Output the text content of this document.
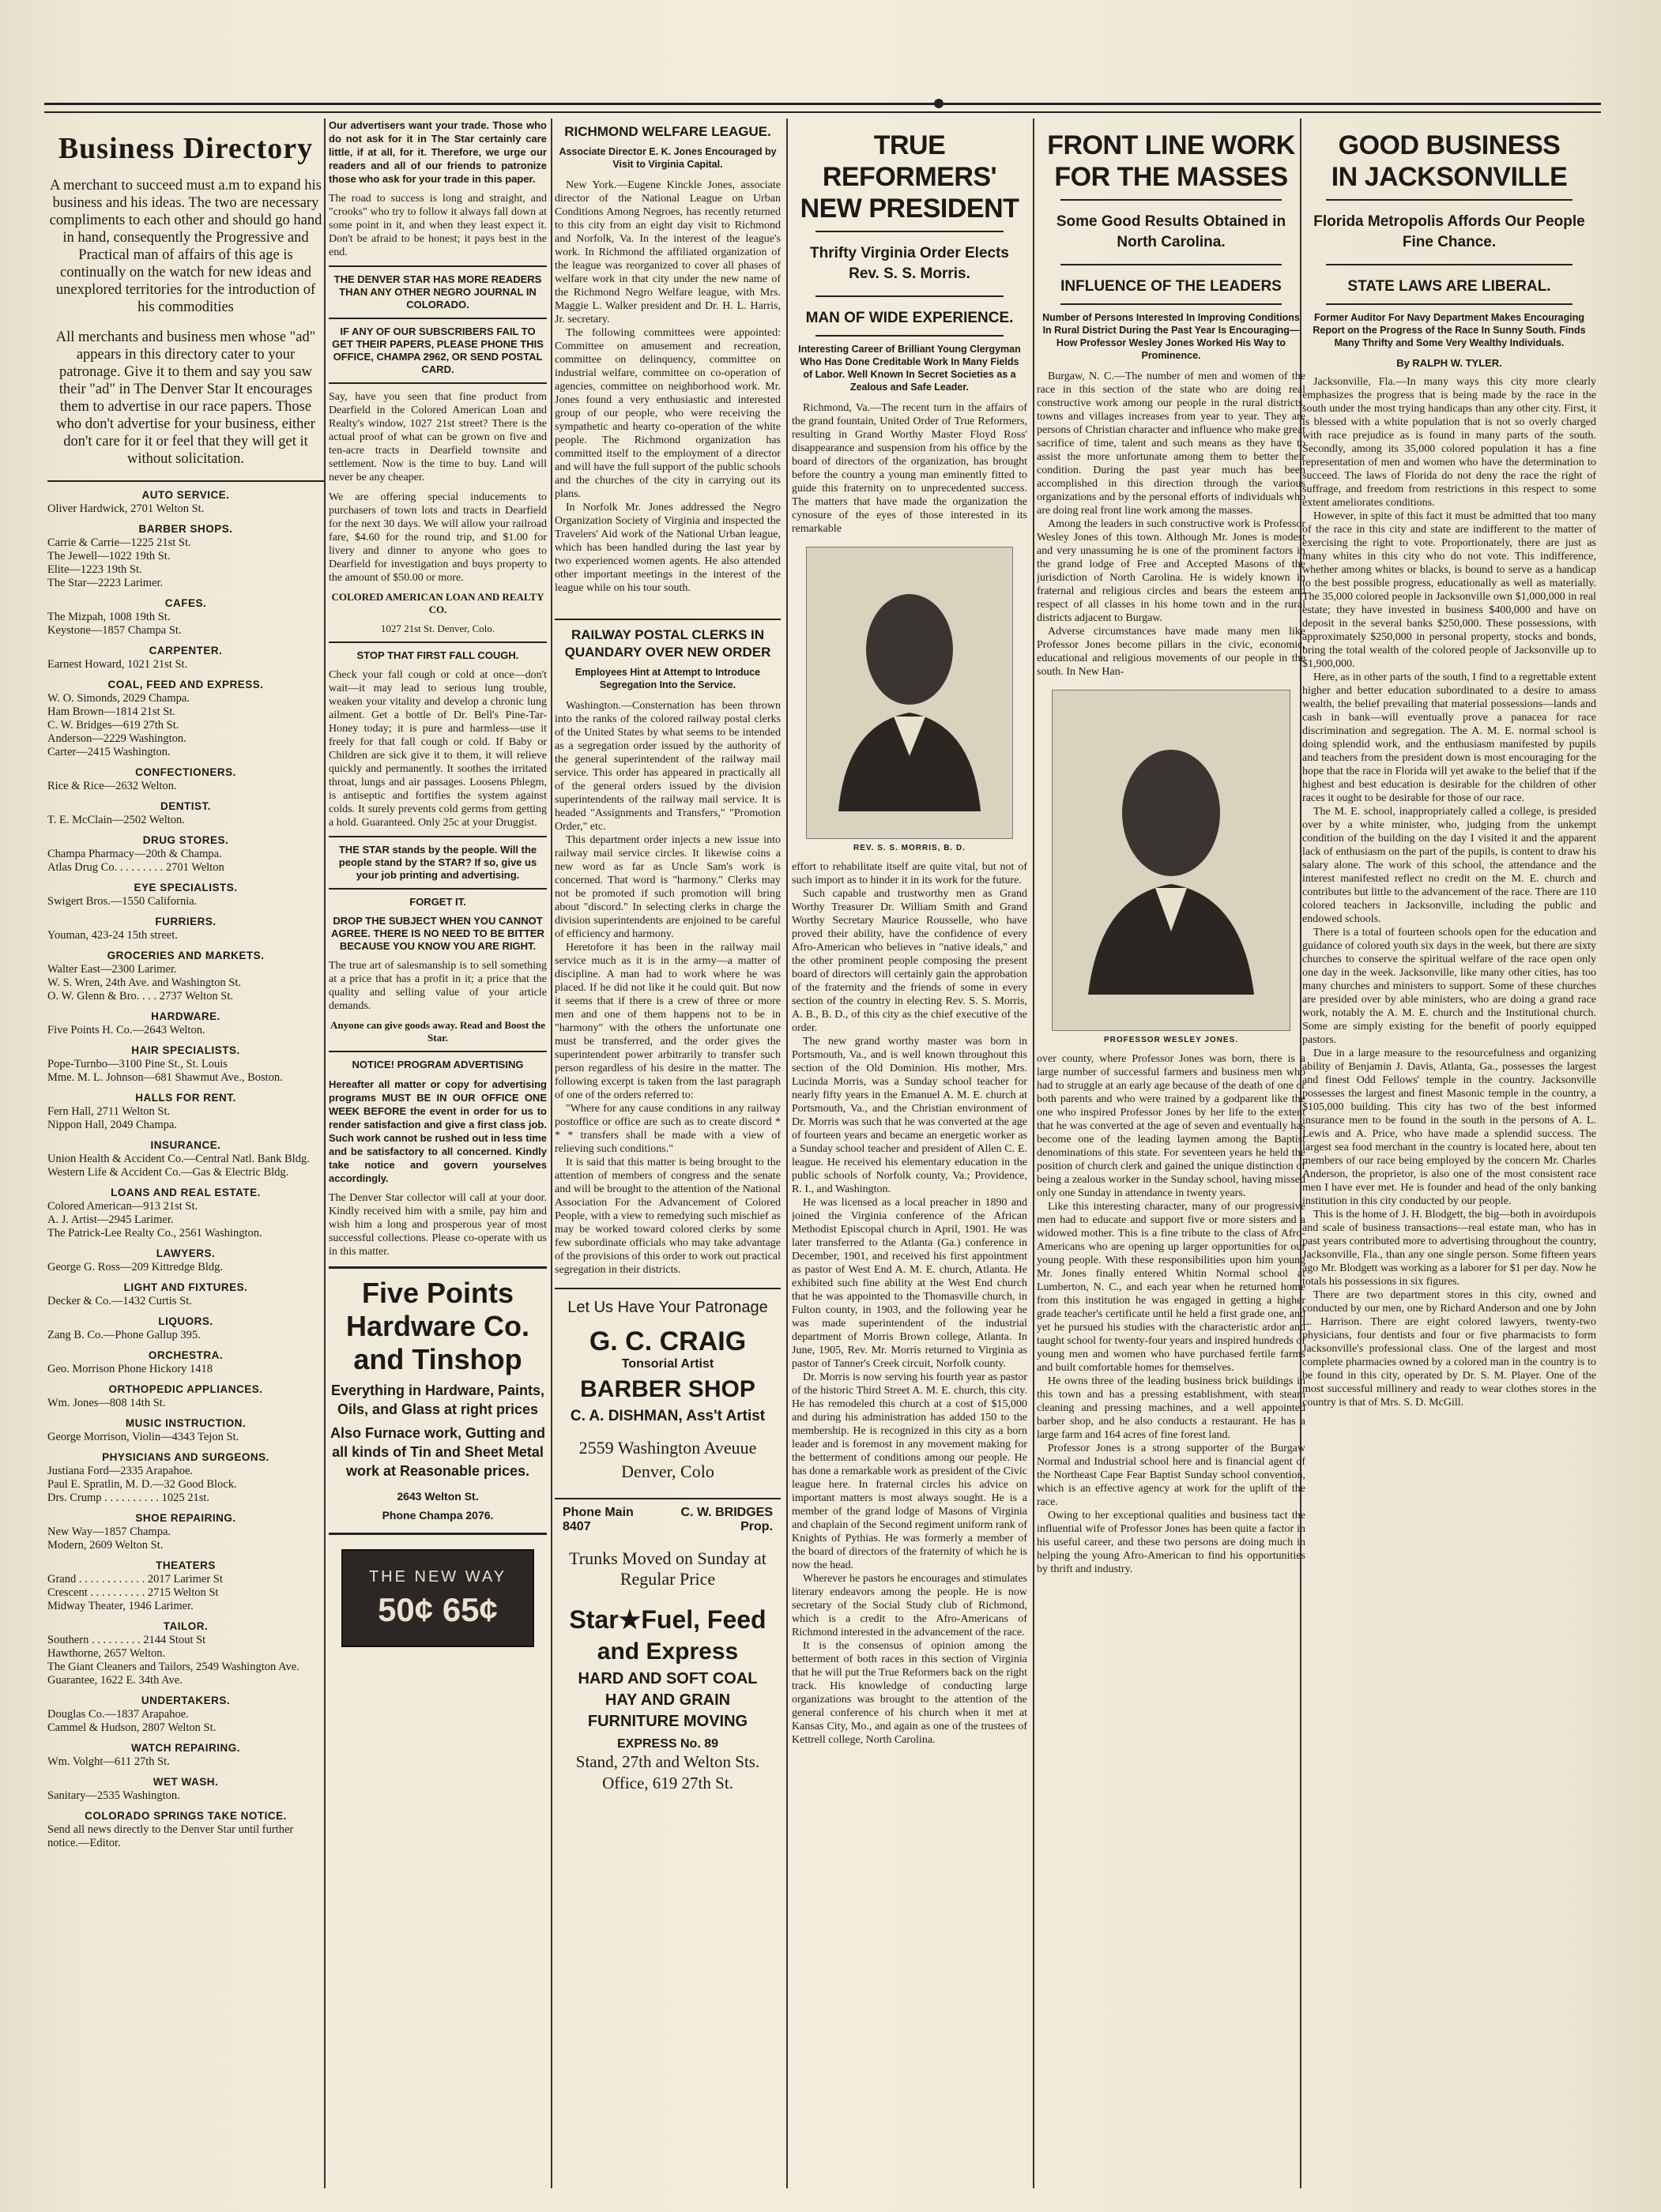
Business Directory

A merchant to succeed must a.m to expand his business and his ideas. The two are necessary compliments to each other and should go hand in hand, consequently the Progressive and Practical man of affairs of this age is continually on the watch for new ideas and unexplored territories for the introduction of his commodities

All merchants and business men whose "ad" appears in this directory cater to your patronage. Give it to them and say you saw their "ad" in The Denver Star It encourages them to advertise in our race papers. Those who don't advertise for your business, either don't care for it or feel that they will get it without solicitation.

AUTO SERVICE.

Oliver Hardwick, 2701 Welton St.

BARBER SHOPS.

Carrie & Carrie—1225 21st St.

The Jewell—1022 19th St.

Elite—1223 19th St.

The Star—2223 Larimer.

CAFES.

The Mizpah, 1008 19th St.

Keystone—1857 Champa St.

CARPENTER.

Earnest Howard, 1021 21st St.

COAL, FEED AND EXPRESS.

W. O. Simonds, 2029 Champa.

Ham Brown—1814 21st St.

C. W. Bridges—619 27th St.

Anderson—2229 Washington.

Carter—2415 Washington.

CONFECTIONERS.

Rice & Rice—2632 Welton.

DENTIST.

T. E. McClain—2502 Welton.

DRUG STORES.

Champa Pharmacy—20th & Champa.

Atlas Drug Co. . . . . . . . . 2701 Welton

EYE SPECIALISTS.

Swigert Bros.—1550 California.

FURRIERS.

Youman, 423-24 15th street.

GROCERIES AND MARKETS.

Walter East—2300 Larimer.

W. S. Wren, 24th Ave. and Washington St.

O. W. Glenn & Bro. . . . 2737 Welton St.

HARDWARE.

Five Points H. Co.—2643 Welton.

HAIR SPECIALISTS.

Pope-Turnbo—3100 Pine St., St. Louis

Mme. M. L. Johnson—681 Shawmut Ave., Boston.

HALLS FOR RENT.

Fern Hall, 2711 Welton St.

Nippon Hall, 2049 Champa.

INSURANCE.

Union Health & Accident Co.—Central Natl. Bank Bldg.

Western Life & Accident Co.—Gas & Electric Bldg.

LOANS AND REAL ESTATE.

Colored American—913 21st St.

A. J. Artist—2945 Larimer.

The Patrick-Lee Realty Co., 2561 Washington.

LAWYERS.

George G. Ross—209 Kittredge Bldg.

LIGHT AND FIXTURES.

Decker & Co.—1432 Curtis St.

LIQUORS.

Zang B. Co.—Phone Gallup 395.

ORCHESTRA.

Geo. Morrison Phone Hickory 1418

ORTHOPEDIC APPLIANCES.

Wm. Jones—808 14th St.

MUSIC INSTRUCTION.

George Morrison, Violin—4343 Tejon St.

PHYSICIANS AND SURGEONS.

Justiana Ford—2335 Arapahoe.

Paul E. Spratlin, M. D.—32 Good Block.

Drs. Crump . . . . . . . . . . 1025 21st.

SHOE REPAIRING.

New Way—1857 Champa.

Modern, 2609 Welton St.

THEATERS

Grand . . . . . . . . . . . . 2017 Larimer St

Crescent . . . . . . . . . . 2715 Welton St

Midway Theater, 1946 Larimer.

TAILOR.

Southern . . . . . . . . . 2144 Stout St

Hawthorne, 2657 Welton.

The Giant Cleaners and Tailors, 2549 Washington Ave.

Guarantee, 1622 E. 34th Ave.

UNDERTAKERS.

Douglas Co.—1837 Arapahoe.

Cammel & Hudson, 2807 Welton St.

WATCH REPAIRING.

Wm. Volght—611 27th St.

WET WASH.

Sanitary—2535 Washington.

COLORADO SPRINGS TAKE NOTICE.

Send all news directly to the Denver Star until further notice.—Editor.

Our advertisers want your trade. Those who do not ask for it in The Star certainly care little, if at all, for it. Therefore, we urge our readers and all of our friends to patronize those who ask for your trade in this paper.

The road to success is long and straight, and "crooks" who try to follow it always fall down at some point in it, and when they least expect it. Don't be afraid to be honest; it pays best in the end.

THE DENVER STAR HAS MORE READERS THAN ANY OTHER NEGRO JOURNAL IN COLORADO.

IF ANY OF OUR SUBSCRIBERS FAIL TO GET THEIR PAPERS, PLEASE PHONE THIS OFFICE, CHAMPA 2962, OR SEND POSTAL CARD.

Say, have you seen that fine product from Dearfield in the Colored American Loan and Realty's window, 1027 21st street? There is the actual proof of what can be grown on five and ten-acre tracts in Dearfield townsite and settlement. Now is the time to buy. Land will never be any cheaper.

We are offering special inducements to purchasers of town lots and tracts in Dearfield for the next 30 days. We will allow your railroad fare, $4.60 for the round trip, and $1.00 for livery and dinner to anyone who goes to Dearfield for investigation and buys property to the amount of $50.00 or more.

COLORED AMERICAN LOAN AND REALTY CO.

1027 21st St. Denver, Colo.

STOP THAT FIRST FALL COUGH.

Check your fall cough or cold at once—don't wait—it may lead to serious lung trouble, weaken your vitality and develop a chronic lung ailment. Get a bottle of Dr. Bell's Pine-Tar-Honey today; it is pure and harmless—use it freely for that fall cough or cold. If Baby or Children are sick give it to them, it will relieve quickly and permanently. It soothes the irritated throat, lungs and air passages. Loosens Phlegm, is antiseptic and fortifies the system against colds. It surely prevents cold germs from getting a hold. Guaranteed. Only 25c at your Druggist.

THE STAR stands by the people. Will the people stand by the STAR? If so, give us your job printing and advertising.

FORGET IT.

DROP THE SUBJECT WHEN YOU CANNOT AGREE. THERE IS NO NEED TO BE BITTER BECAUSE YOU KNOW YOU ARE RIGHT.

The true art of salesmanship is to sell something at a price that has a profit in it; a price that the quality and selling value of your article demands.

Anyone can give goods away. Read and Boost the Star.

NOTICE! PROGRAM ADVERTISING

Hereafter all matter or copy for advertising programs MUST BE IN OUR OFFICE ONE WEEK BEFORE the event in order for us to render satisfaction and give a first class job. Such work cannot be rushed out in less time and be satisfactory to all concerned. Kindly take notice and govern yourselves accordingly.

The Denver Star collector will call at your door. Kindly received him with a smile, pay him and wish him a long and prosperous year of most successful collections. Please co-operate with us in this matter.

Five Points
Hardware Co.
and Tinshop
Everything in Hardware, Paints, Oils, and Glass at right prices
Also Furnace work, Gutting and all kinds of Tin and Sheet Metal work at Reasonable prices.
2643 Welton St.
Phone Champa 2076.
THE NEW WAY
50¢ 65¢
RICHMOND WELFARE LEAGUE.
Associate Director E. K. Jones Encouraged by Visit to Virginia Capital.

New York.—Eugene Kinckle Jones, associate director of the National League on Urban Conditions Among Negroes, has recently returned to this city from an eight day visit to Richmond and Norfolk, Va. In the interest of the league's work. In Richmond the affiliated organization of the league was reorganized to cover all phases of welfare work in that city under the new name of the Richmond Negro Welfare league, with Mrs. Maggie L. Walker president and Dr. H. L. Harris, Jr. secretary.

The following committees were appointed: Committee on amusement and recreation, committee on delinquency, committee on industrial welfare, committee on co-operation of agencies, committee on neighborhood work. Mr. Jones found a very enthusiastic and interested group of our people, who were receiving the sympathetic and hearty co-operation of the white people. The Richmond organization has committed itself to the employment of a director and will have the full support of the public schools and the churches of the city in carrying out its plans.

In Norfolk Mr. Jones addressed the Negro Organization Society of Virginia and inspected the Travelers' Aid work of the National Urban league, which has been handled during the last year by two experienced women agents. He also attended other important meetings in the interest of the league while on his tour south.

RAILWAY POSTAL CLERKS IN QUANDARY OVER NEW ORDER
Employees Hint at Attempt to Introduce Segregation Into the Service.

Washington.—Consternation has been thrown into the ranks of the colored railway postal clerks of the United States by what seems to be intended as a segregation order issued by the authority of the general superintendent of the railway mail service. This order has appeared in practically all of the general orders issued by the division superintendents of the railway mail service. It is headed "Assignments and Transfers," "Promotion Order," etc.

This department order injects a new issue into railway mail service circles. It likewise coins a new word as far as Uncle Sam's work is concerned. That word is "harmony." Clerks may not be promoted if such promotion will bring about "discord." In selecting clerks in charge the division superintendents are enjoined to be careful of efficiency and harmony.

Heretofore it has been in the railway mail service much as it is in the army—a matter of discipline. A man had to work where he was placed. If he did not like it he could quit. But now it seems that if there is a crew of three or more men and one of them happens not to be in "harmony" with the others the unfortunate one must be transferred, and the order gives the superintendent power arbitrarily to transfer such person regardless of his desire in the matter. The following excerpt is taken from the last paragraph of one of the orders referred to:

"Where for any cause conditions in any railway postoffice or office are such as to create discord * * * transfers shall be made with a view of relieving such conditions."

It is said that this matter is being brought to the attention of members of congress and the senate and will be brought to the attention of the National Association For the Advancement of Colored People, with a view to remedying such mischief as may be worked toward colored clerks by some few subordinate officials who may take advantage of the provisions of this order to work out practical segregation in their districts.

Let Us Have Your Patronage
G. C. CRAIG
Tonsorial Artist
BARBER SHOP
C. A. DISHMAN, Ass't Artist
2559 Washington Aveuue
Denver, Colo
Phone Main
8407
C. W. BRIDGES
Prop.
Trunks Moved on Sunday at Regular Price
Star★Fuel, Feed
and Express
HARD AND SOFT COAL
HAY AND GRAIN
FURNITURE MOVING
EXPRESS No. 89
Stand, 27th and Welton Sts.
Office, 619 27th St.
TRUE REFORMERS'
NEW PRESIDENT
Thrifty Virginia Order Elects Rev. S. S. Morris.
MAN OF WIDE EXPERIENCE.
Interesting Career of Brilliant Young Clergyman Who Has Done Creditable Work In Many Fields of Labor. Well Known In Secret Societies as a Zealous and Safe Leader.

Richmond, Va.—The recent turn in the affairs of the grand fountain, United Order of True Reformers, resulting in Grand Worthy Master Floyd Ross' disappearance and suspension from his office by the board of directors of the organization, has brought before the country a young man eminently fitted to guide this fraternity on to unprecedented success. The matters that have made the organization the cynosure of the eyes of those interested in its remarkable

REV. S. S. MORRIS, B. D.

effort to rehabilitate itself are quite vital, but not of such import as to hinder it in its work for the future.

Such capable and trustworthy men as Grand Worthy Treasurer Dr. William Smith and Grand Worthy Secretary Maurice Rousselle, who have proved their ability, have the confidence of every Afro-American who believes in "native ideals," and the other prominent people composing the present board of directors will certainly gain the approbation of the fraternity and the friends of some in every section of the country in electing Rev. S. S. Morris, A. B., B. D., of this city as the chief executive of the order.

The new grand worthy master was born in Portsmouth, Va., and is well known throughout this section of the Old Dominion. His mother, Mrs. Lucinda Morris, was a Sunday school teacher for nearly fifty years in the Emanuel A. M. E. church at Portsmouth, Va., and the Christian environment of Dr. Morris was such that he was converted at the age of fourteen years and became an energetic worker as a Sunday school teacher and president of Allen C. E. league. He received his elementary education in the public schools of Norfolk county, Va.; Providence, R. I., and Washington.

He was licensed as a local preacher in 1890 and joined the Virginia conference of the African Methodist Episcopal church in April, 1901. He was later transferred to the Atlanta (Ga.) conference in December, 1901, and received his first appointment as pastor of West End A. M. E. church, Atlanta. He exhibited such fine ability at the West End church that he was appointed to the Thomasville church, in Fulton county, in 1903, and the following year he was made superintendent of the industrial department of Morris Brown college, Atlanta. In June, 1905, Rev. Mr. Morris returned to Virginia as pastor of Tanner's Creek circuit, Norfolk county.

Dr. Morris is now serving his fourth year as pastor of the historic Third Street A. M. E. church, this city. He has remodeled this church at a cost of $15,000 and during his administration has added 150 to the membership. He is recognized in this city as a born leader and is foremost in any movement making for the betterment of conditions among our people. He has done a remarkable work as president of the Civic league here. In fraternal circles his advice on important matters is most always sought. He is a member of the grand lodge of Masons of Virginia and chaplain of the Second regiment uniform rank of Knights of Pythias. He was formerly a member of the board of directors of the fraternity of which he is now the head.

Wherever he pastors he encourages and stimulates literary endeavors among the people. He is now secretary of the Social Study club of Richmond, which is a credit to the Afro-Americans of Richmond interested in the advancement of the race.

It is the consensus of opinion among the betterment of both races in this section of Virginia that he will put the True Reformers back on the right track. His knowledge of conducting large organizations was brought to the attention of the general conference of his church when it met at Kansas City, Mo., and again as one of the trustees of Kettrell college, North Carolina.

FRONT LINE WORK
FOR THE MASSES
Some Good Results Obtained in North Carolina.
INFLUENCE OF THE LEADERS
Number of Persons Interested In Improving Conditions In Rural District During the Past Year Is Encouraging—How Professor Wesley Jones Worked His Way to Prominence.

Burgaw, N. C.—The number of men and women of the race in this section of the state who are doing real constructive work among our people in the rural districts, towns and villages increases from year to year. They are persons of Christian character and influence who make great sacrifice of time, talent and such means as they have to assist the more unfortunate among them to better their condition. During the past year much has been accomplished in this direction through the various organizations and by the personal efforts of individuals who are doing real front line work among the masses.

Among the leaders in such constructive work is Professor Wesley Jones of this town. Although Mr. Jones is modest and very unassuming he is one of the prominent factors in the grand lodge of Free and Accepted Masons of the jurisdiction of North Carolina. He is widely known in fraternal and religious circles and bears the esteem and respect of all classes in his home town and in the rural districts adjacent to Burgaw.

Adverse circumstances have made many men like Professor Jones become pillars in the civic, economic, educational and religious movements of our people in the south. In New Han-

PROFESSOR WESLEY JONES.

over county, where Professor Jones was born, there is a large number of successful farmers and business men who had to struggle at an early age because of the death of one or both parents and who were trained by a godparent like the one who inspired Professor Jones by her life to the extent that he was converted at the age of seven and eventually has become one of the leading laymen among the Baptist denominations of this state. For seventeen years he held the position of church clerk and gained the unique distinction of being a zealous worker in the Sunday school, having missed only one Sunday in attendance in twenty years.

Like this interesting character, many of our progressive men had to educate and support five or more sisters and a widowed mother. This is a fine tribute to the class of Afro-Americans who are opening up larger opportunities for our young people. With these responsibilities upon him young Mr. Jones finally entered Whitin Normal school at Lumberton, N. C., and each year when he returned home from this institution he was engaged in getting a higher grade teacher's certificate until he held a first grade one, and yet he pursued his studies with the characteristic ardor and taught school for twenty-four years and inspired hundreds of young men and women who have purchased fertile farms and built comfortable homes for themselves.

He owns three of the leading business brick buildings in this town and has a pressing establishment, with steam cleaning and pressing machines, and a well appointed barber shop, and he also conducts a restaurant. He has a large farm and 164 acres of fine forest land.

Professor Jones is a strong supporter of the Burgaw Normal and Industrial school here and is financial agent of the Northeast Cape Fear Baptist Sunday school convention, which is an effective agency at work for the uplift of the race.

Owing to her exceptional qualities and business tact the influential wife of Professor Jones has been quite a factor in his useful career, and these two persons are doing much in helping the young Afro-American to find his opportunities by thrift and industry.

GOOD BUSINESS
IN JACKSONVILLE
Florida Metropolis Affords Our People Fine Chance.
STATE LAWS ARE LIBERAL.
Former Auditor For Navy Department Makes Encouraging Report on the Progress of the Race In Sunny South. Finds Many Thrifty and Some Very Wealthy Individuals.
By RALPH W. TYLER.

Jacksonville, Fla.—In many ways this city more clearly emphasizes the progress that is being made by the race in the south under the most trying handicaps than any other city. First, it is blessed with a white population that is not so overly charged with race prejudice as is found in many parts of the south. Secondly, among its 35,000 colored population it has a fine representation of men and women who have the determination to succeed. The laws of Florida do not deny the race the right of suffrage, and freedom from restrictions in this respect to some extent ameliorates conditions.

However, in spite of this fact it must be admitted that too many of the race in this city and state are indifferent to the matter of exercising the right to vote. Proportionately, there are just as many whites in this city who do not vote. This indifference, whether among whites or blacks, is bound to serve as a handicap to the best possible progress, educationally as well as materially. The 35,000 colored people in Jacksonville own $1,000,000 in real estate; they have invested in business $400,000 and have on deposit in the several banks $250,000. These possessions, with approximately $250,000 in personal property, stocks and bonds, bring the total wealth of the colored people of Jacksonville up to $1,900,000.

Here, as in other parts of the south, I find to a regrettable extent higher and better education subordinated to a desire to amass wealth, the belief prevailing that material possessions—lands and cash in bank—will eventually prove a panacea for race discrimination and segregation. The A. M. E. normal school is doing splendid work, and the enthusiasm manifested by pupils and teachers from the president down is most encouraging for the hope that the race in Florida will yet awake to the belief that if the highest and best education is desirable for the children of other races it ought to be desirable for those of our race.

The M. E. school, inappropriately called a college, is presided over by a white minister, who, judging from the unkempt condition of the building on the day I visited it and the apparent lack of enthusiasm on the part of the pupils, is content to draw his salary alone. The work of this school, the attendance and the interest manifested reflect no credit on the M. E. church and contributes but little to the advancement of the race. There are 110 colored teachers in Jacksonville, including the public and endowed schools.

There is a total of fourteen schools open for the education and guidance of colored youth six days in the week, but there are sixty churches to conserve the spiritual welfare of the race open only one day in the week. Jacksonville, like many other cities, has too many churches and ministers to support. Some of these churches are presided over by able ministers, who are doing a grand race work, notably the A. M. E. church and the Institutional church. Some are simply existing for the benefit of poorly equipped pastors.

Due in a large measure to the resourcefulness and organizing ability of Benjamin J. Davis, Atlanta, Ga., possesses the largest and finest Odd Fellows' temple in the country. Jacksonville possesses the largest and finest Masonic temple in the country, a $105,000 building. This city has two of the best informed insurance men to be found in the south in the persons of A. L. Lewis and A. Price, who have made a splendid success. The largest sea food merchant in the country is located here, about ten members of our race being employed by the concern Mr. Charles Anderson, the proprietor, is also one of the most consistent race men I have ever met. He is founder and head of the only banking institution in this city conducted by our people.

This is the home of J. H. Blodgett, the big—both in avoirdupois and scale of business transactions—real estate man, who has in past years contributed more to advertising throughout the country, Jacksonville, Fla., than any one single person. Some fifteen years ago Mr. Blodgett was working as a laborer for $1 per day. Now he totals his possessions in six figures.

There are two department stores in this city, owned and conducted by our men, one by Richard Anderson and one by John L. Harrison. There are eight colored lawyers, twenty-two physicians, four dentists and four or five pharmacists to form Jacksonville's professional class. One of the largest and most complete pharmacies owned by a colored man in the country is to be found in this city, operated by Dr. S. M. Player. One of the most successful millinery and ready to wear clothes stores in the country is that of Mrs. S. D. McGill.
